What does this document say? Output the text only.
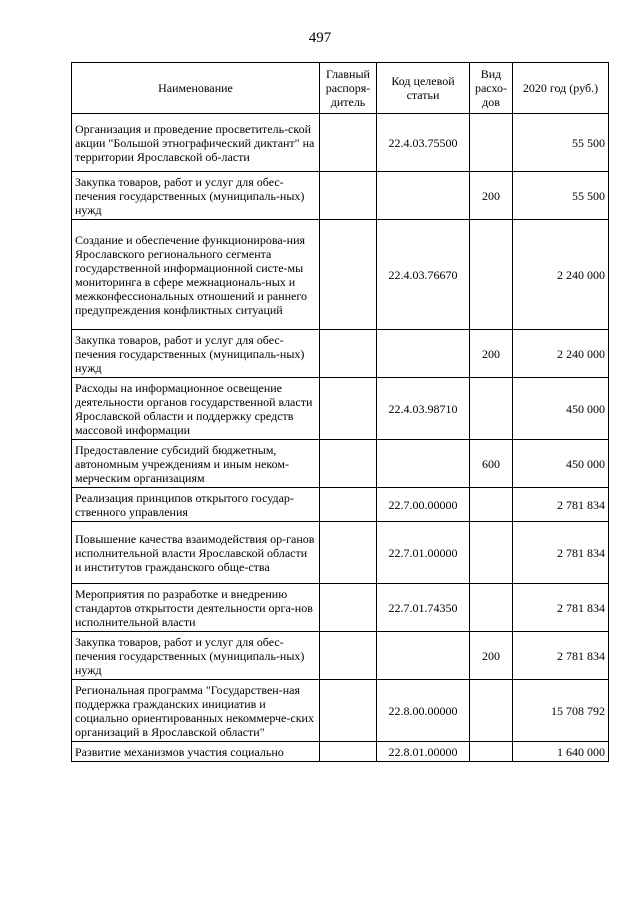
497
Наименование	Главный распоря-дитель	Код целевой статьи	Вид расхо-дов	2020 год (руб.)
Организация и проведение просветитель-ской акции "Большой этнографический диктант" на территории Ярославской об-ласти		22.4.03.75500		55 500
Закупка товаров, работ и услуг для обес-печения государственных (муниципаль-ных) нужд			200	55 500
Создание и обеспечение функционирова-ния Ярославского регионального сегмента государственной информационной систе-мы мониторинга в сфере межнациональ-ных и межконфессиональных отношений и раннего предупреждения конфликтных ситуаций		22.4.03.76670		2 240 000
Закупка товаров, работ и услуг для обес-печения государственных (муниципаль-ных) нужд			200	2 240 000
Расходы на информационное освещение деятельности органов государственной власти Ярославской области и поддержку средств массовой информации		22.4.03.98710		450 000
Предоставление субсидий бюджетным, автономным учреждениям и иным неком-мерческим организациям			600	450 000
Реализация принципов открытого государ-ственного управления		22.7.00.00000		2 781 834
Повышение качества взаимодействия ор-ганов исполнительной власти Ярославской области и институтов гражданского обще-ства		22.7.01.00000		2 781 834
Мероприятия по разработке и внедрению стандартов открытости деятельности орга-нов исполнительной власти		22.7.01.74350		2 781 834
Закупка товаров, работ и услуг для обес-печения государственных (муниципаль-ных) нужд			200	2 781 834
Региональная программа "Государствен-ная поддержка гражданских инициатив и социально ориентированных некоммерче-ских организаций в Ярославской области"		22.8.00.00000		15 708 792
Развитие механизмов участия социально		22.8.01.00000		1 640 000
